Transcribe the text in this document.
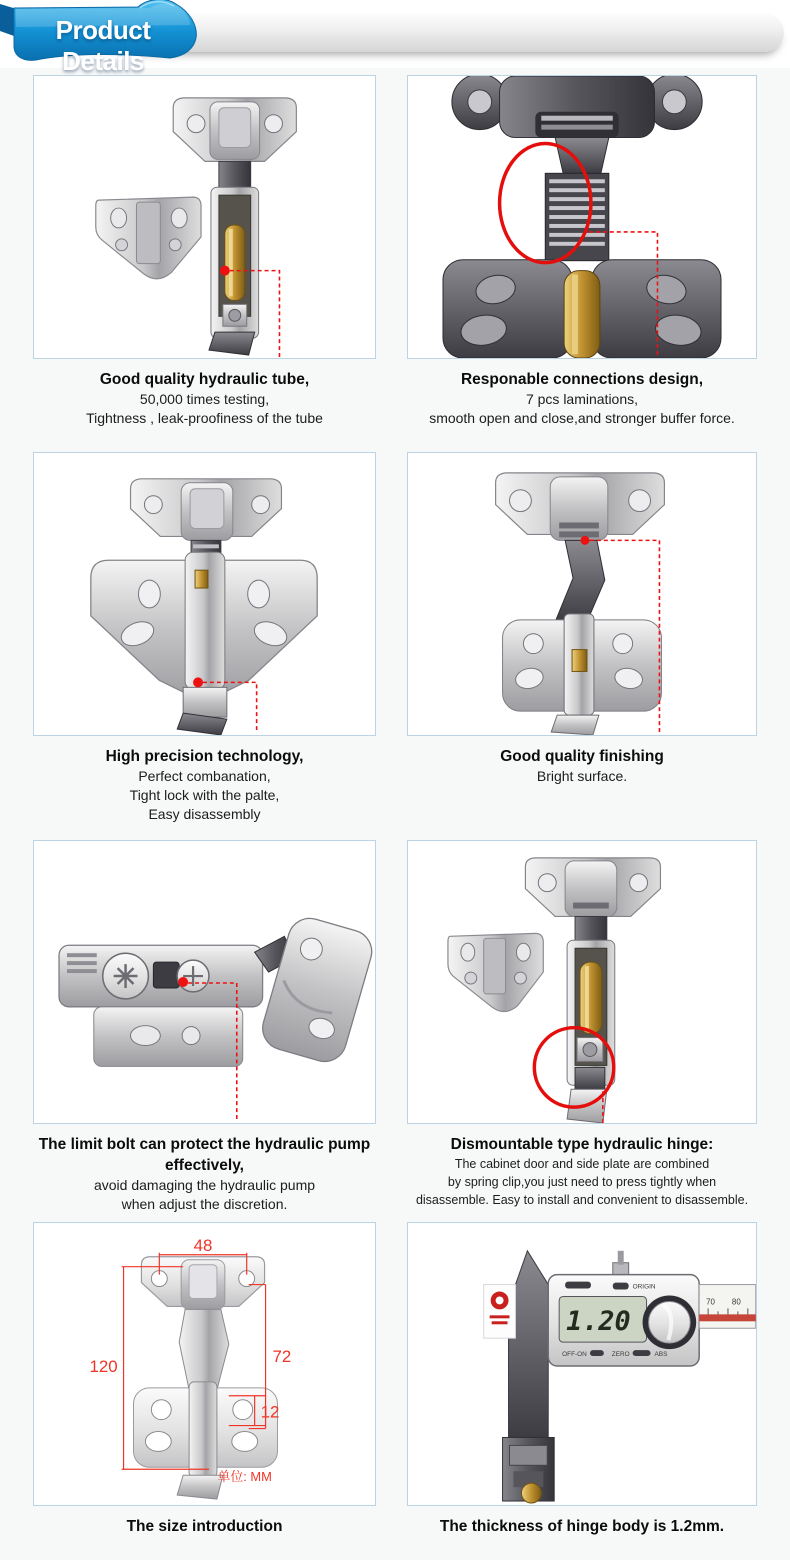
Product Details
Good quality hydraulic tube,
50,000 times testing,
Tightness , leak-proofiness of the tube
Responable connections design,
7 pcs laminations,
smooth open and close,and stronger buffer force.
High precision technology,
Perfect combanation,
Tight lock with the palte,
Easy disassembly
Good quality finishing
Bright surface.
The limit bolt can protect the hydraulic pump effectively,
avoid damaging the hydraulic pump
when adjust the discretion.
Dismountable type hydraulic hinge:
The cabinet door and side plate are combined
by spring clip,you just need to press tightly when
disassemble. Easy to install and convenient to disassemble.
48
120
72
12
单位: MM
ORIGIN
1.20
OFF-ON	ZERO	ABS
70 80
The size introduction	The thickness of hinge body is 1.2mm.
